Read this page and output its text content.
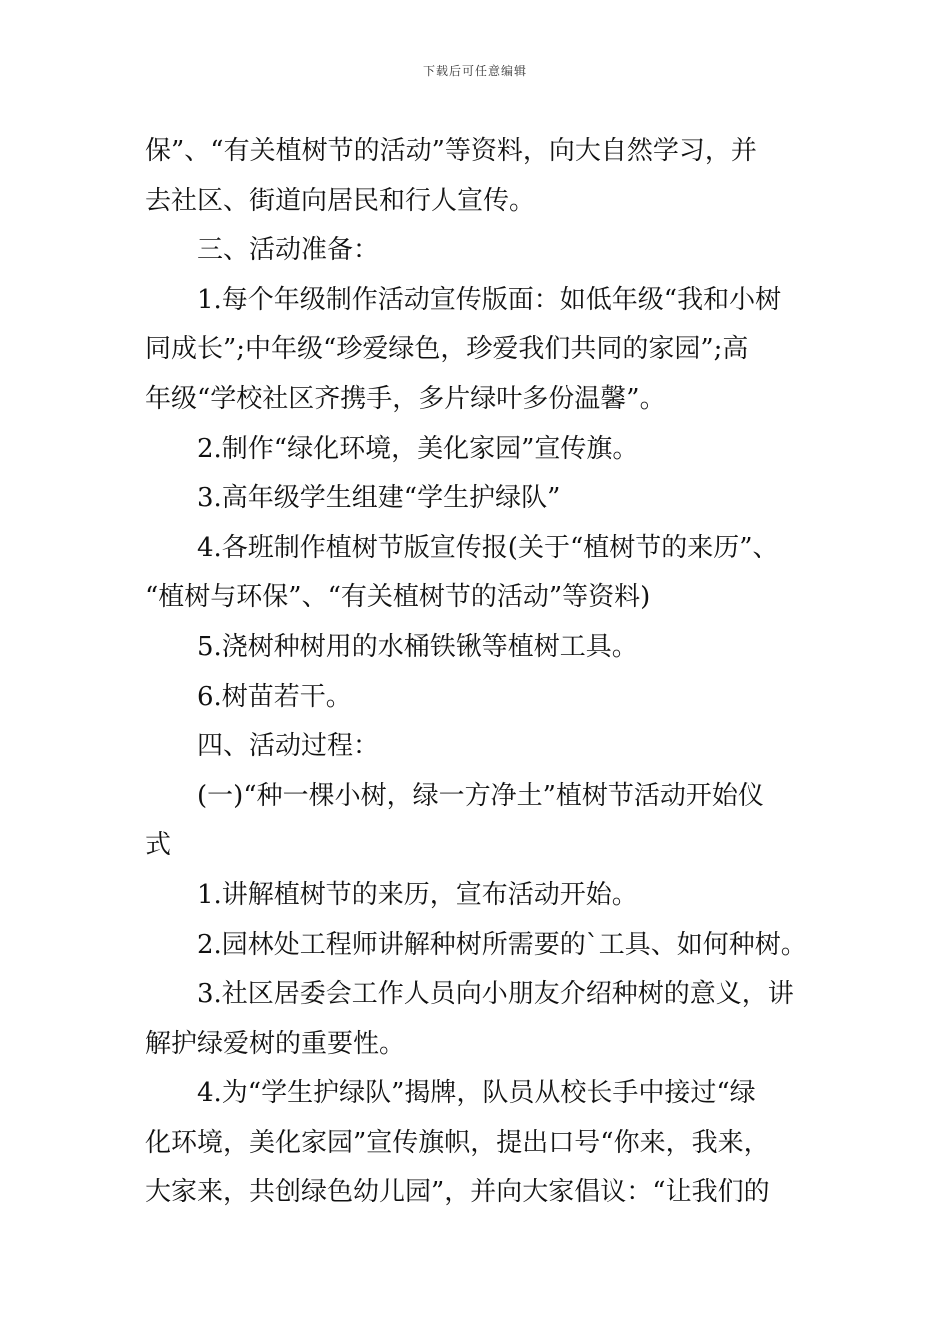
下载后可任意编辑
保”、“有关植树节的活动”等资料，向大自然学习，并
去社区、街道向居民和行人宣传。
三、活动准备：
1.每个年级制作活动宣传版面：如低年级“我和小树
同成长”;中年级“珍爱绿色，珍爱我们共同的家园”;高
年级“学校社区齐携手，多片绿叶多份温馨”。
2.制作“绿化环境，美化家园”宣传旗。
3.高年级学生组建“学生护绿队”
4.各班制作植树节版宣传报(关于“植树节的来历”、
“植树与环保”、“有关植树节的活动”等资料)
5.浇树种树用的水桶铁锹等植树工具。
6.树苗若干。
四、活动过程：
(一)“种一棵小树，绿一方净土”植树节活动开始仪
式
1.讲解植树节的来历，宣布活动开始。
2.园林处工程师讲解种树所需要的`工具、如何种树。
3.社区居委会工作人员向小朋友介绍种树的意义，讲
解护绿爱树的重要性。
4.为“学生护绿队”揭牌，队员从校长手中接过“绿
化环境，美化家园”宣传旗帜，提出口号“你来，我来，
大家来，共创绿色幼儿园”，并向大家倡议：“让我们的
